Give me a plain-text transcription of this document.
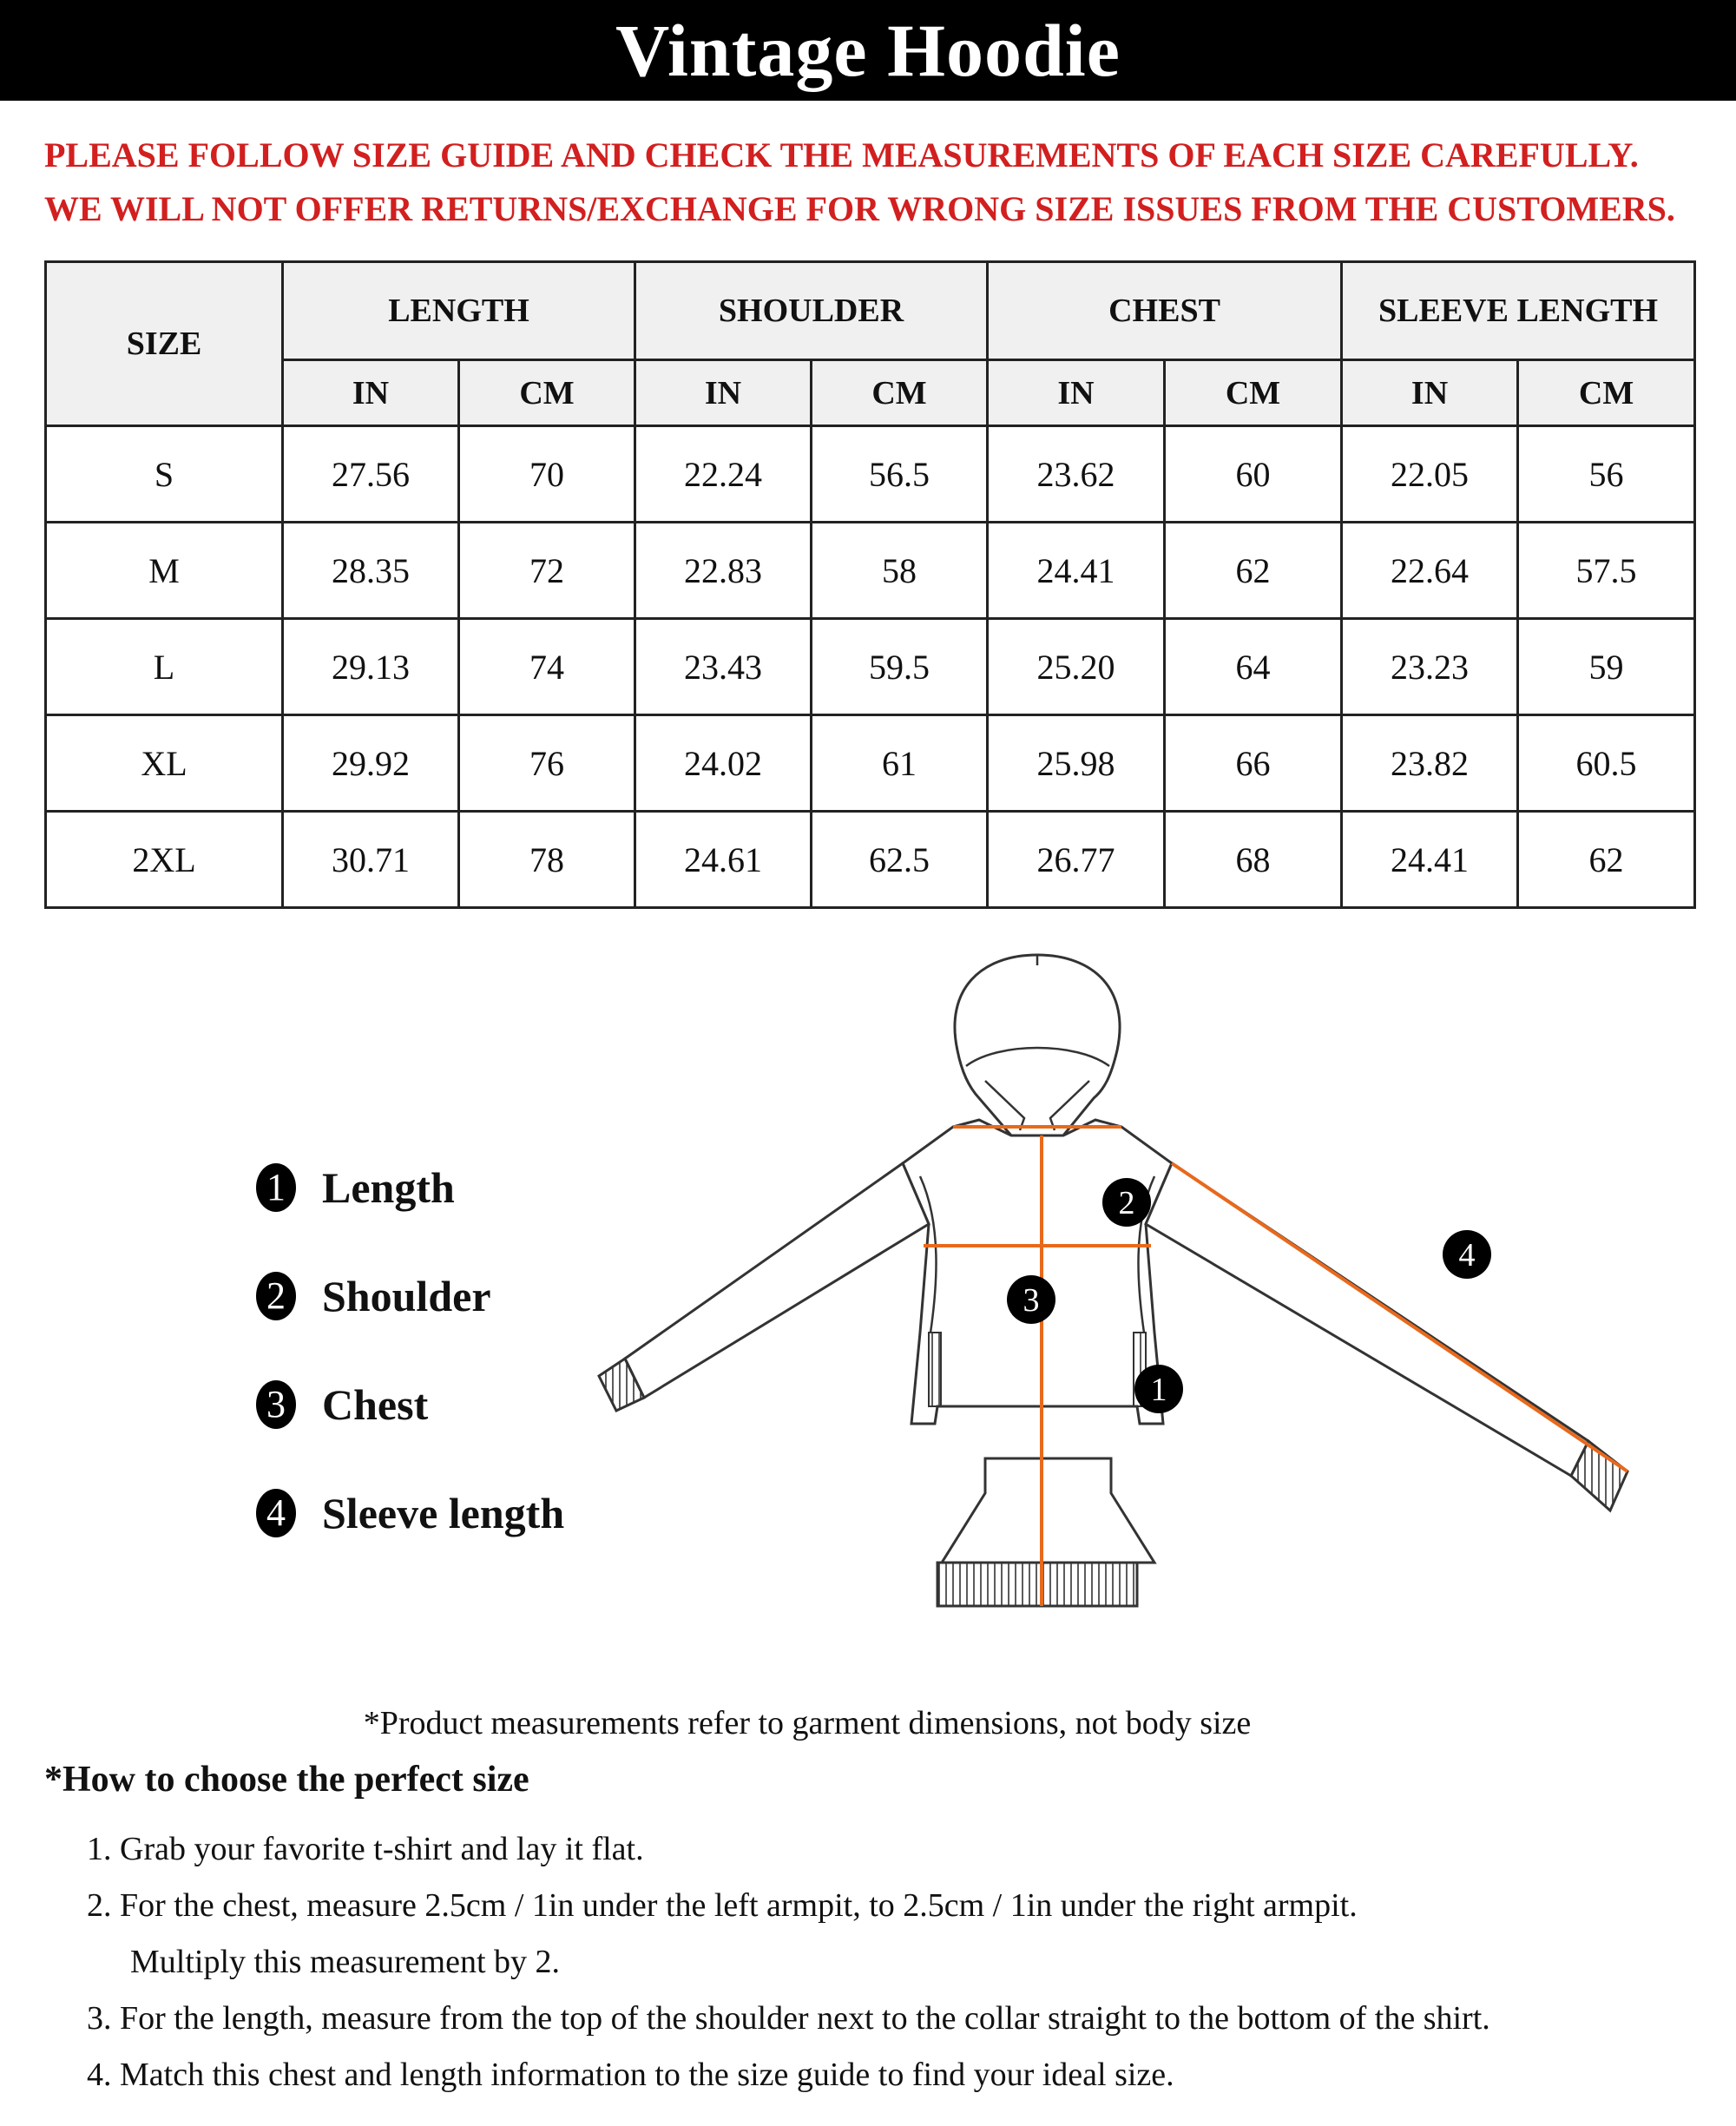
Vintage Hoodie
PLEASE FOLLOW SIZE GUIDE AND CHECK THE MEASUREMENTS OF EACH SIZE CAREFULLY.
WE WILL NOT OFFER RETURNS/EXCHANGE FOR WRONG SIZE ISSUES FROM THE CUSTOMERS.
SIZE	LENGTH		SHOULDER		CHEST		SLEEVE LENGTH	
	IN	CM	IN	CM	IN	CM	IN	CM
S	27.56	70	22.24	56.5	23.62	60	22.05	56
M	28.35	72	22.83	58	24.41	62	22.64	57.5
L	29.13	74	23.43	59.5	25.20	64	23.23	59
XL	29.92	76	24.02	61	25.98	66	23.82	60.5
2XL	30.71	78	24.61	62.5	26.77	68	24.41	62
1 Length
2 Shoulder
3 Chest
4 Sleeve length
1
2
3
4
*Product measurements refer to garment dimensions, not body size
*How to choose the perfect size
1. Grab your favorite t-shirt and lay it flat.
2. For the chest, measure 2.5cm / 1in under the left armpit, to 2.5cm / 1in under the right armpit.
Multiply this measurement by 2.
3. For the length, measure from the top of the shoulder next to the collar straight to the bottom of the shirt.
4. Match this chest and length information to the size guide to find your ideal size.
